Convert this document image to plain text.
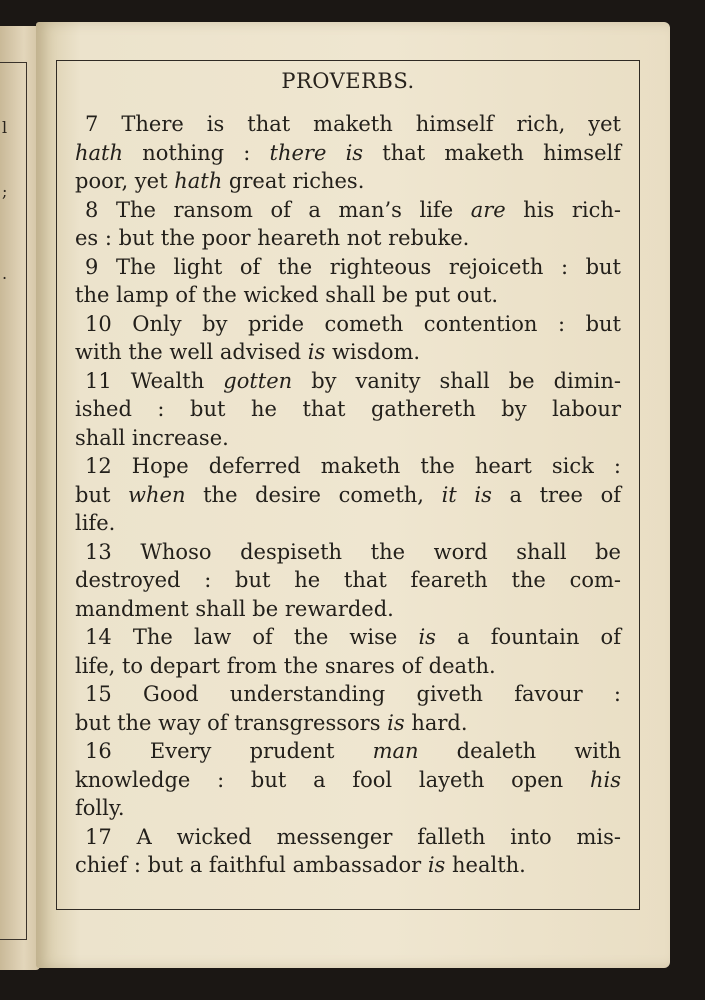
l
;
.
PROVERBS.
7 There is that maketh himself rich, yet
hath nothing : there is that maketh himself
poor, yet hath great riches.
8 The ransom of a man’s life are his rich-
es : but the poor heareth not rebuke.
9 The light of the righteous rejoiceth : but
the lamp of the wicked shall be put out.
10 Only by pride cometh contention : but
with the well advised is wisdom.
11 Wealth gotten by vanity shall be dimin-
ished : but he that gathereth by labour
shall increase.
12 Hope deferred maketh the heart sick :
but when the desire cometh, it is a tree of
life.
13 Whoso despiseth the word shall be
destroyed : but he that feareth the com-
mandment shall be rewarded.
14 The law of the wise is a fountain of
life, to depart from the snares of death.
15 Good understanding giveth favour :
but the way of transgressors is hard.
16 Every prudent man dealeth with
knowledge : but a fool layeth open his
folly.
17 A wicked messenger falleth into mis-
chief : but a faithful ambassador is health.
